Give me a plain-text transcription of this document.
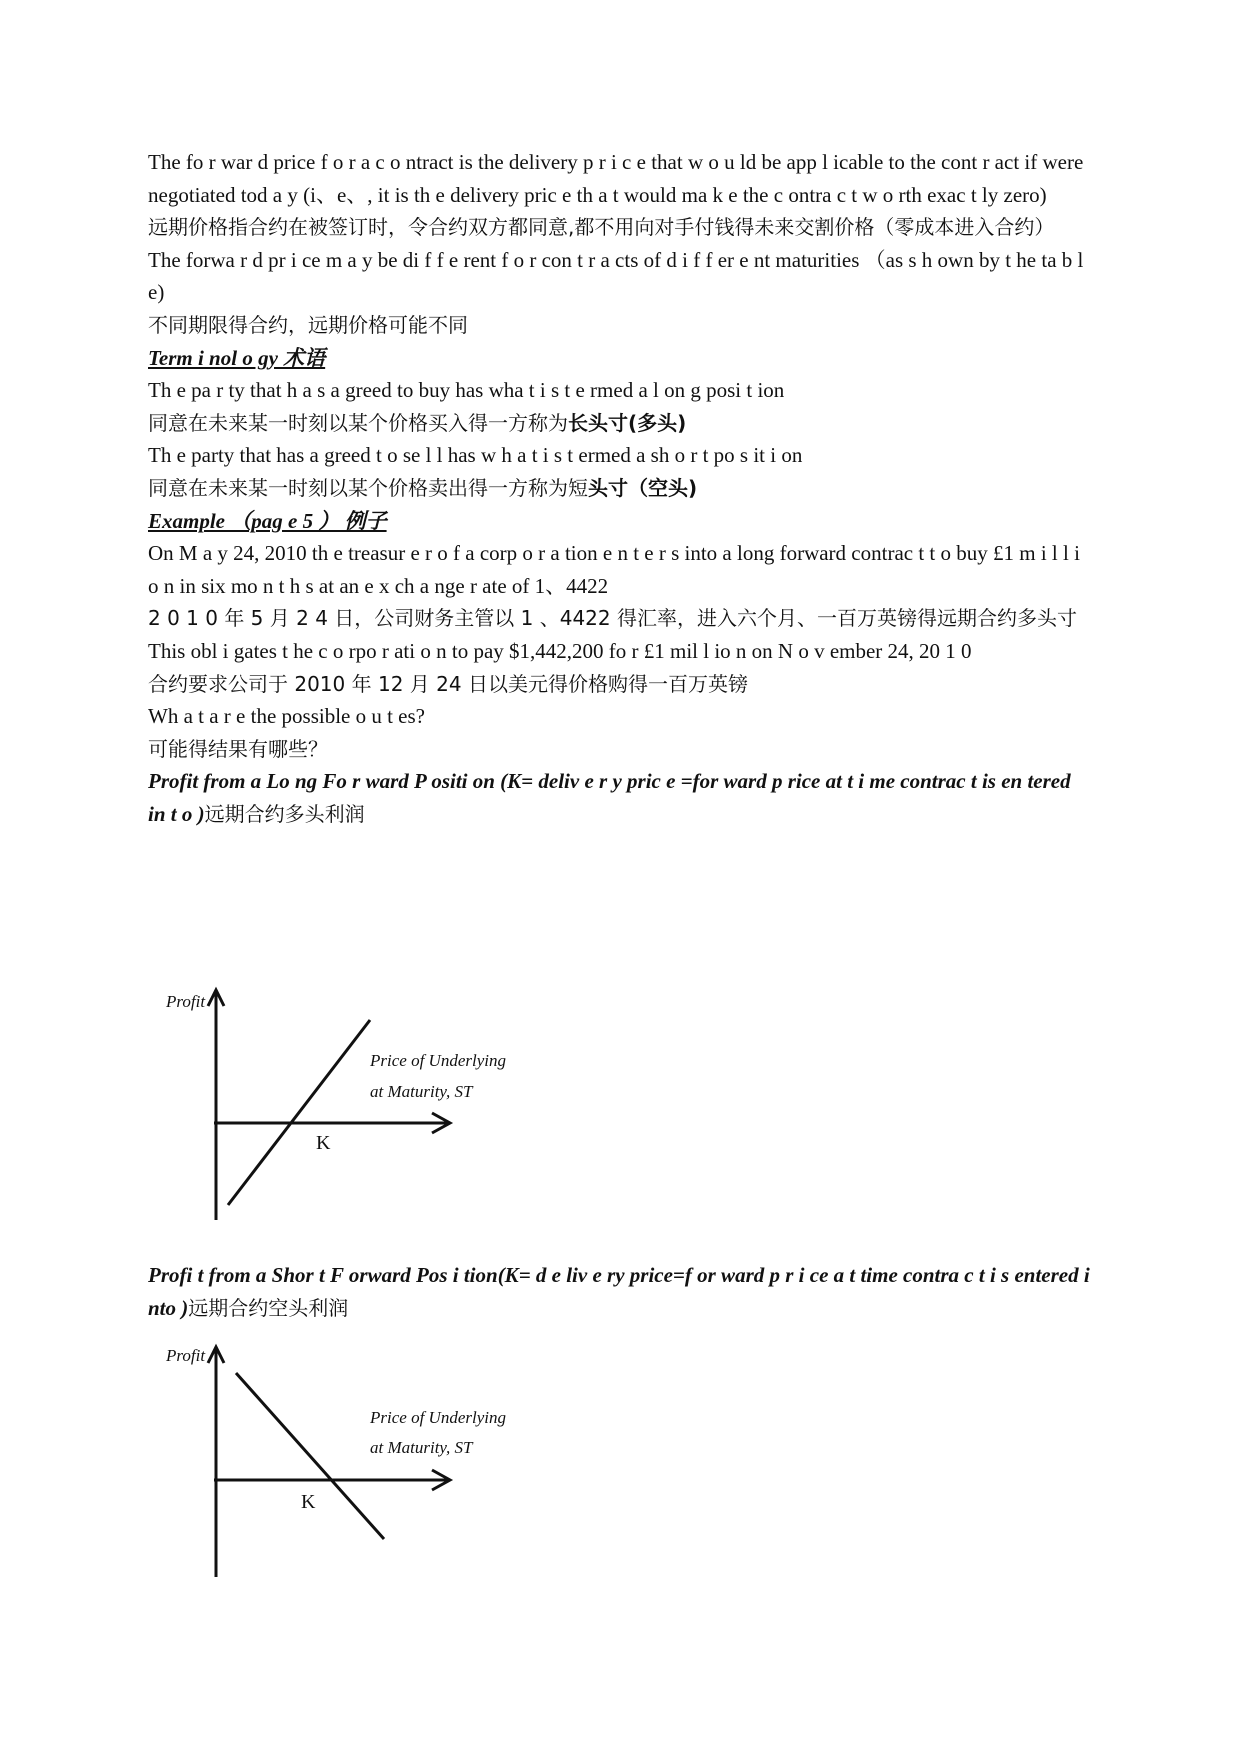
The fo r war d price f o r a c o ntract is the delivery p r i c e that w o u ld be app l icable to the cont r act if were negotiated tod a y (i、e、, it is th e delivery pric e th a t would ma k e the c ontra c t w o rth exac t ly zero)

远期价格指合约在被签订时，令合约双方都同意,都不用向对手付钱得未来交割价格（零成本进入合约）

The forwa r d pr i ce m a y be di f f e rent f o r con t r a cts of d i f f er e nt maturities （as s h own by t he ta b l e)

不同期限得合约，远期价格可能不同

Term i nol o gy 术语

Th e pa r ty that h a s a greed to buy has wha t i s t e rmed a l on g posi t ion

同意在未来某一时刻以某个价格买入得一方称为长头寸(多头)

Th e party that has a greed t o se l l has w h a t i s t ermed a sh o r t po s it i on

同意在未来某一时刻以某个价格卖出得一方称为短头寸（空头)

Example （pag e 5 ） 例子

On M a y 24, 2010 th e treasur e r o f a corp o r a tion e n t e r s into a long forward contrac t t o buy £1 m i l l i o n in six mo n t h s at an e x ch a nge r ate of 1、4422

2 0 1 0 年 5 月 2 4 日，公司财务主管以 1 、4422 得汇率，进入六个月、一百万英镑得远期合约多头寸

This obl i gates t he c o rpo r ati o n to pay $1,442,200 fo r £1 mil l io n on N o v ember 24, 20 1 0

合约要求公司于 2010 年 12 月 24 日以美元得价格购得一百万英镑

Wh a t a r e the possible o u t es?

可能得结果有哪些？

Profit from a Lo ng Fo r ward P ositi on (K= deliv e r y pric e =for ward p rice at t i me contrac t is en tered in t o )远期合约多头利润

Profit
Price of Underlying
at Maturity, ST
K

Profi t from a Shor t F orward Pos i tion(K= d e liv e ry price=f or ward p r i ce a t time contra c t i s entered i nto )远期合约空头利润

Profit
Price of Underlying
at Maturity, ST
K
